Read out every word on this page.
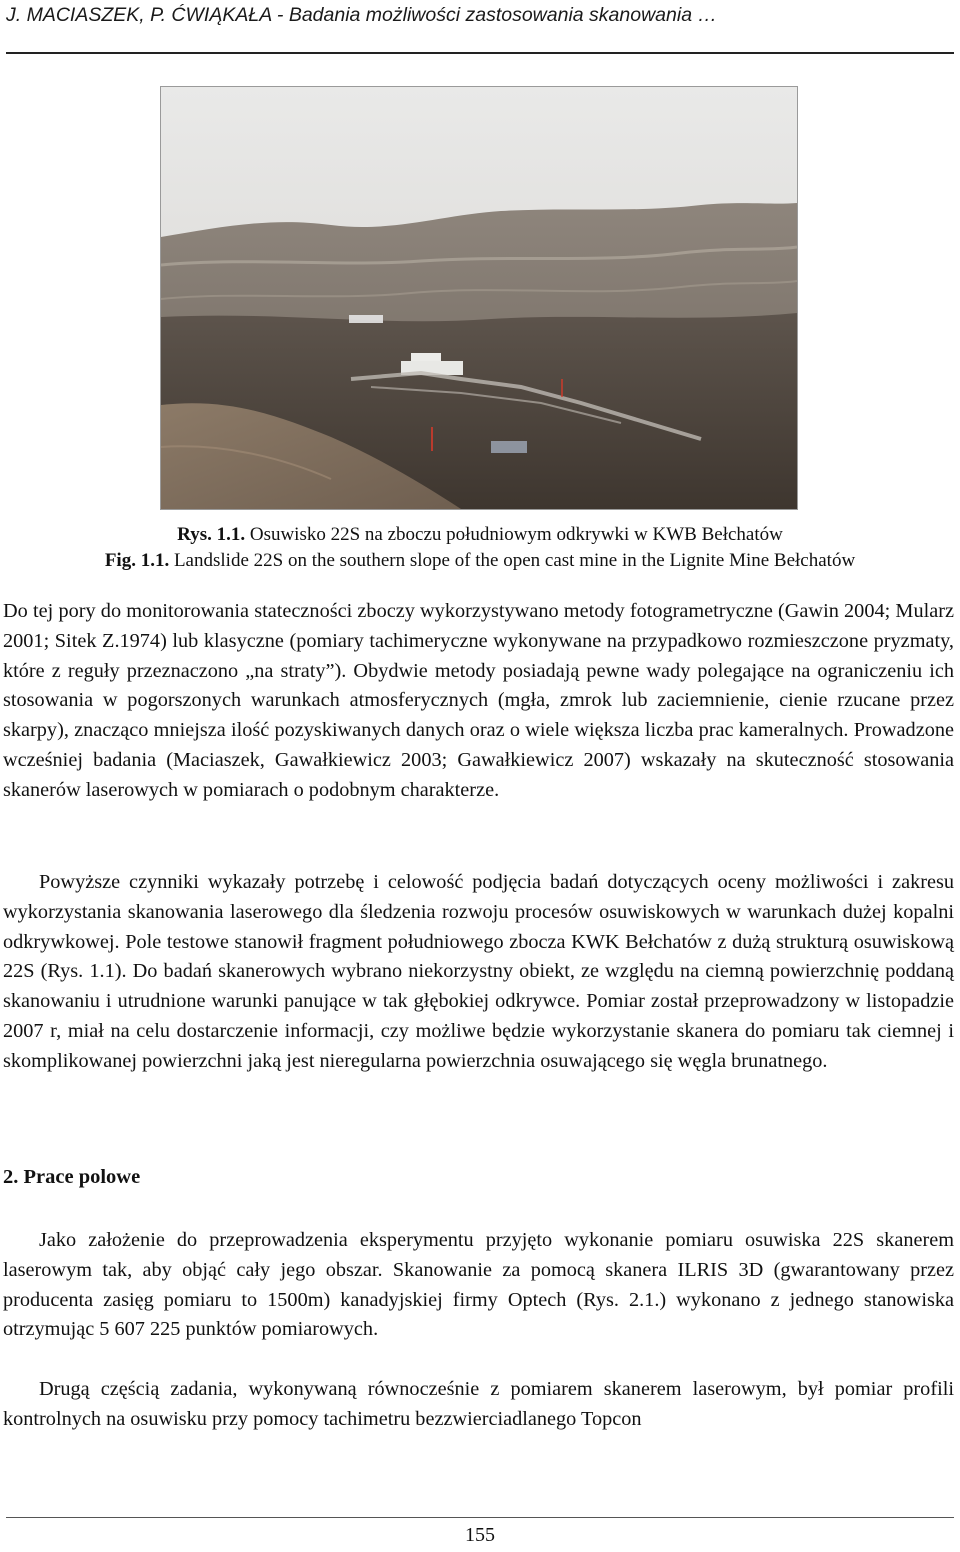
J. MACIASZEK, P. ĆWIĄKAŁA - Badania możliwości zastosowania skanowania …
Rys. 1.1. Osuwisko 22S na zboczu południowym odkrywki w KWB Bełchatów
Fig. 1.1. Landslide 22S on the southern slope of the open cast mine in the Lignite Mine Bełchatów
Do tej pory do monitorowania stateczności zboczy wykorzystywano metody fotogrametryczne (Gawin 2004; Mularz 2001; Sitek Z.1974) lub klasyczne (pomiary tachimeryczne wykonywane na przypadkowo rozmieszczone pryzmaty, które z reguły przeznaczono „na straty”). Obydwie metody posiadają pewne wady polegające na ograniczeniu ich stosowania w pogorszonych warunkach atmosferycznych (mgła, zmrok lub zaciemnienie, cienie rzucane przez skarpy), znacząco mniejsza ilość pozyskiwanych danych oraz o wiele większa liczba prac kameralnych. Prowadzone wcześniej badania (Maciaszek, Gawałkiewicz 2003; Gawałkiewicz 2007) wskazały na skuteczność stosowania skanerów laserowych w pomiarach o podobnym charakterze.
Powyższe czynniki wykazały potrzebę i celowość podjęcia badań dotyczących oceny możliwości i zakresu wykorzystania skanowania laserowego dla śledzenia rozwoju procesów osuwiskowych w warunkach dużej kopalni odkrywkowej. Pole testowe stanowił fragment południowego zbocza KWK Bełchatów z dużą strukturą osuwiskową 22S (Rys. 1.1). Do badań skanerowych wybrano niekorzystny obiekt, ze względu na ciemną powierzchnię poddaną skanowaniu i utrudnione warunki panujące w tak głębokiej odkrywce. Pomiar został przeprowadzony w listopadzie 2007 r, miał na celu dostarczenie informacji, czy możliwe będzie wykorzystanie skanera do pomiaru tak ciemnej i skomplikowanej powierzchni jaką jest nieregularna powierzchnia osuwającego się węgla brunatnego.
2. Prace polowe
Jako założenie do przeprowadzenia eksperymentu przyjęto wykonanie pomiaru osuwiska 22S skanerem laserowym tak, aby objąć cały jego obszar. Skanowanie za pomocą skanera ILRIS 3D (gwarantowany przez producenta zasięg pomiaru to 1500m) kanadyjskiej firmy Optech (Rys. 2.1.) wykonano z jednego stanowiska otrzymując 5 607 225 punktów pomiarowych.
Drugą częścią zadania, wykonywaną równocześnie z pomiarem skanerem laserowym, był pomiar profili kontrolnych na osuwisku przy pomocy tachimetru bezzwierciadlanego Topcon
155
